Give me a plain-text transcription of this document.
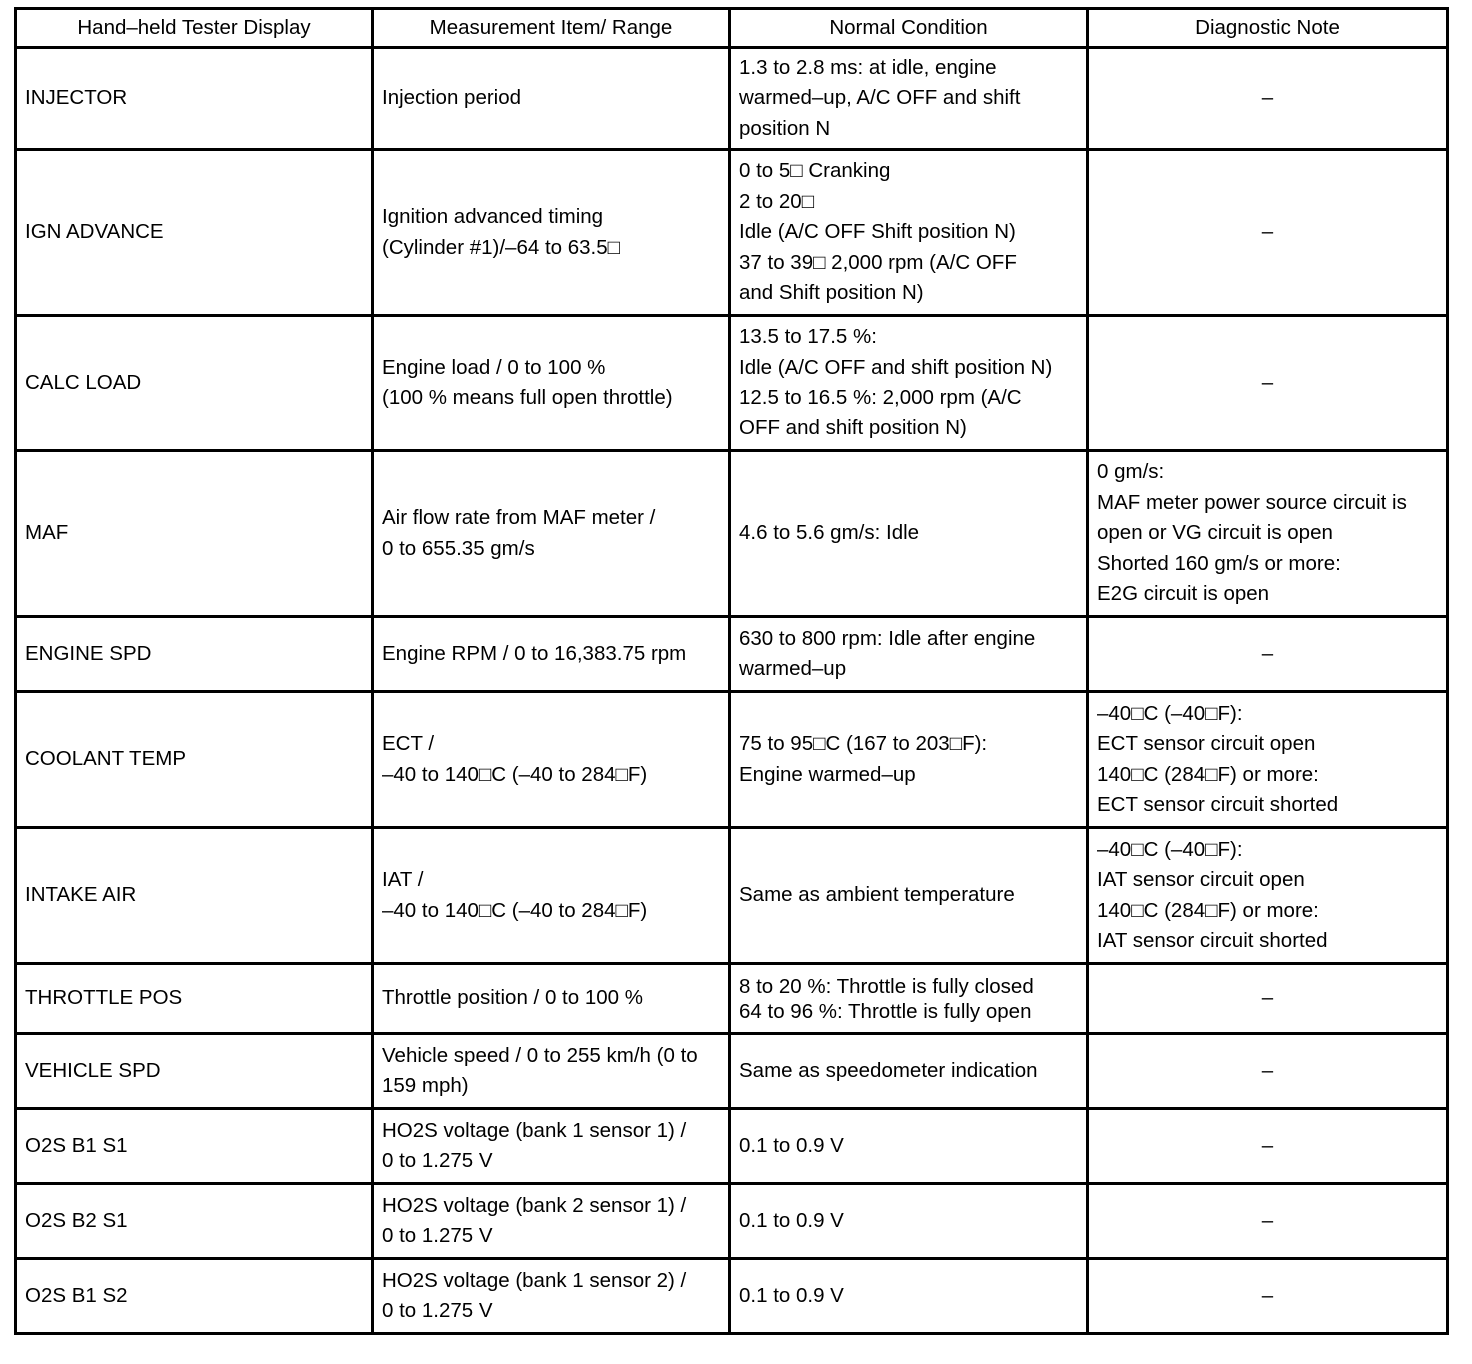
Hand–held Tester Display	Measurement Item/ Range	Normal Condition	Diagnostic Note
INJECTOR	Injection period	1.3 to 2.8 ms: at idle, engine
warmed–up, A/C OFF and shift
position N	–
IGN ADVANCE	Ignition advanced timing
(Cylinder #1)/–64 to 63.5□	0 to 5□ Cranking
2 to 20□
Idle (A/C OFF Shift position N)
37 to 39□ 2,000 rpm (A/C OFF
and Shift position N)	–
CALC LOAD	Engine load / 0 to 100 %
(100 % means full open throttle)	13.5 to 17.5 %:
Idle (A/C OFF and shift position N)
12.5 to 16.5 %: 2,000 rpm (A/C
OFF and shift position N)	–
MAF	Air flow rate from MAF meter /
0 to 655.35 gm/s	4.6 to 5.6 gm/s: Idle	0 gm/s:
MAF meter power source circuit is
open or VG circuit is open
Shorted 160 gm/s or more:
E2G circuit is open
ENGINE SPD	Engine RPM / 0 to 16,383.75 rpm	630 to 800 rpm: Idle after engine
warmed–up	–
COOLANT TEMP	ECT /
–40 to 140□C (–40 to 284□F)	75 to 95□C (167 to 203□F):
Engine warmed–up	–40□C (–40□F):
ECT sensor circuit open
140□C (284□F) or more:
ECT sensor circuit shorted
INTAKE AIR	IAT /
–40 to 140□C (–40 to 284□F)	Same as ambient temperature	–40□C (–40□F):
IAT sensor circuit open
140□C (284□F) or more:
IAT sensor circuit shorted
THROTTLE POS	Throttle position / 0 to 100 %	8 to 20 %: Throttle is fully closed
64 to 96 %: Throttle is fully open	–
VEHICLE SPD	Vehicle speed / 0 to 255 km/h (0 to
159 mph)	Same as speedometer indication	–
O2S B1 S1	HO2S voltage (bank 1 sensor 1) /
0 to 1.275 V	0.1 to 0.9 V	–
O2S B2 S1	HO2S voltage (bank 2 sensor 1) /
0 to 1.275 V	0.1 to 0.9 V	–
O2S B1 S2	HO2S voltage (bank 1 sensor 2) /
0 to 1.275 V	0.1 to 0.9 V	–
